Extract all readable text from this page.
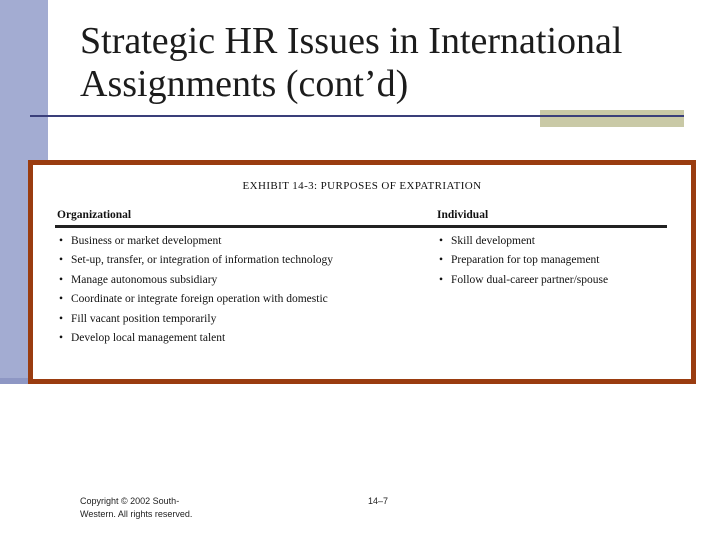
Strategic HR Issues in International
Assignments (cont’d)
EXHIBIT 14-3: PURPOSES OF EXPATRIATION
Organizational	Individual
• Business or market development
• Set-up, transfer, or integration of information technology
• Manage autonomous subsidiary
• Coordinate or integrate foreign operation with domestic
• Fill vacant position temporarily
• Develop local management talent
• Skill development
• Preparation for top management
• Follow dual-career partner/spouse
Copyright © 2002 South-
Western. All rights reserved.
14–7
